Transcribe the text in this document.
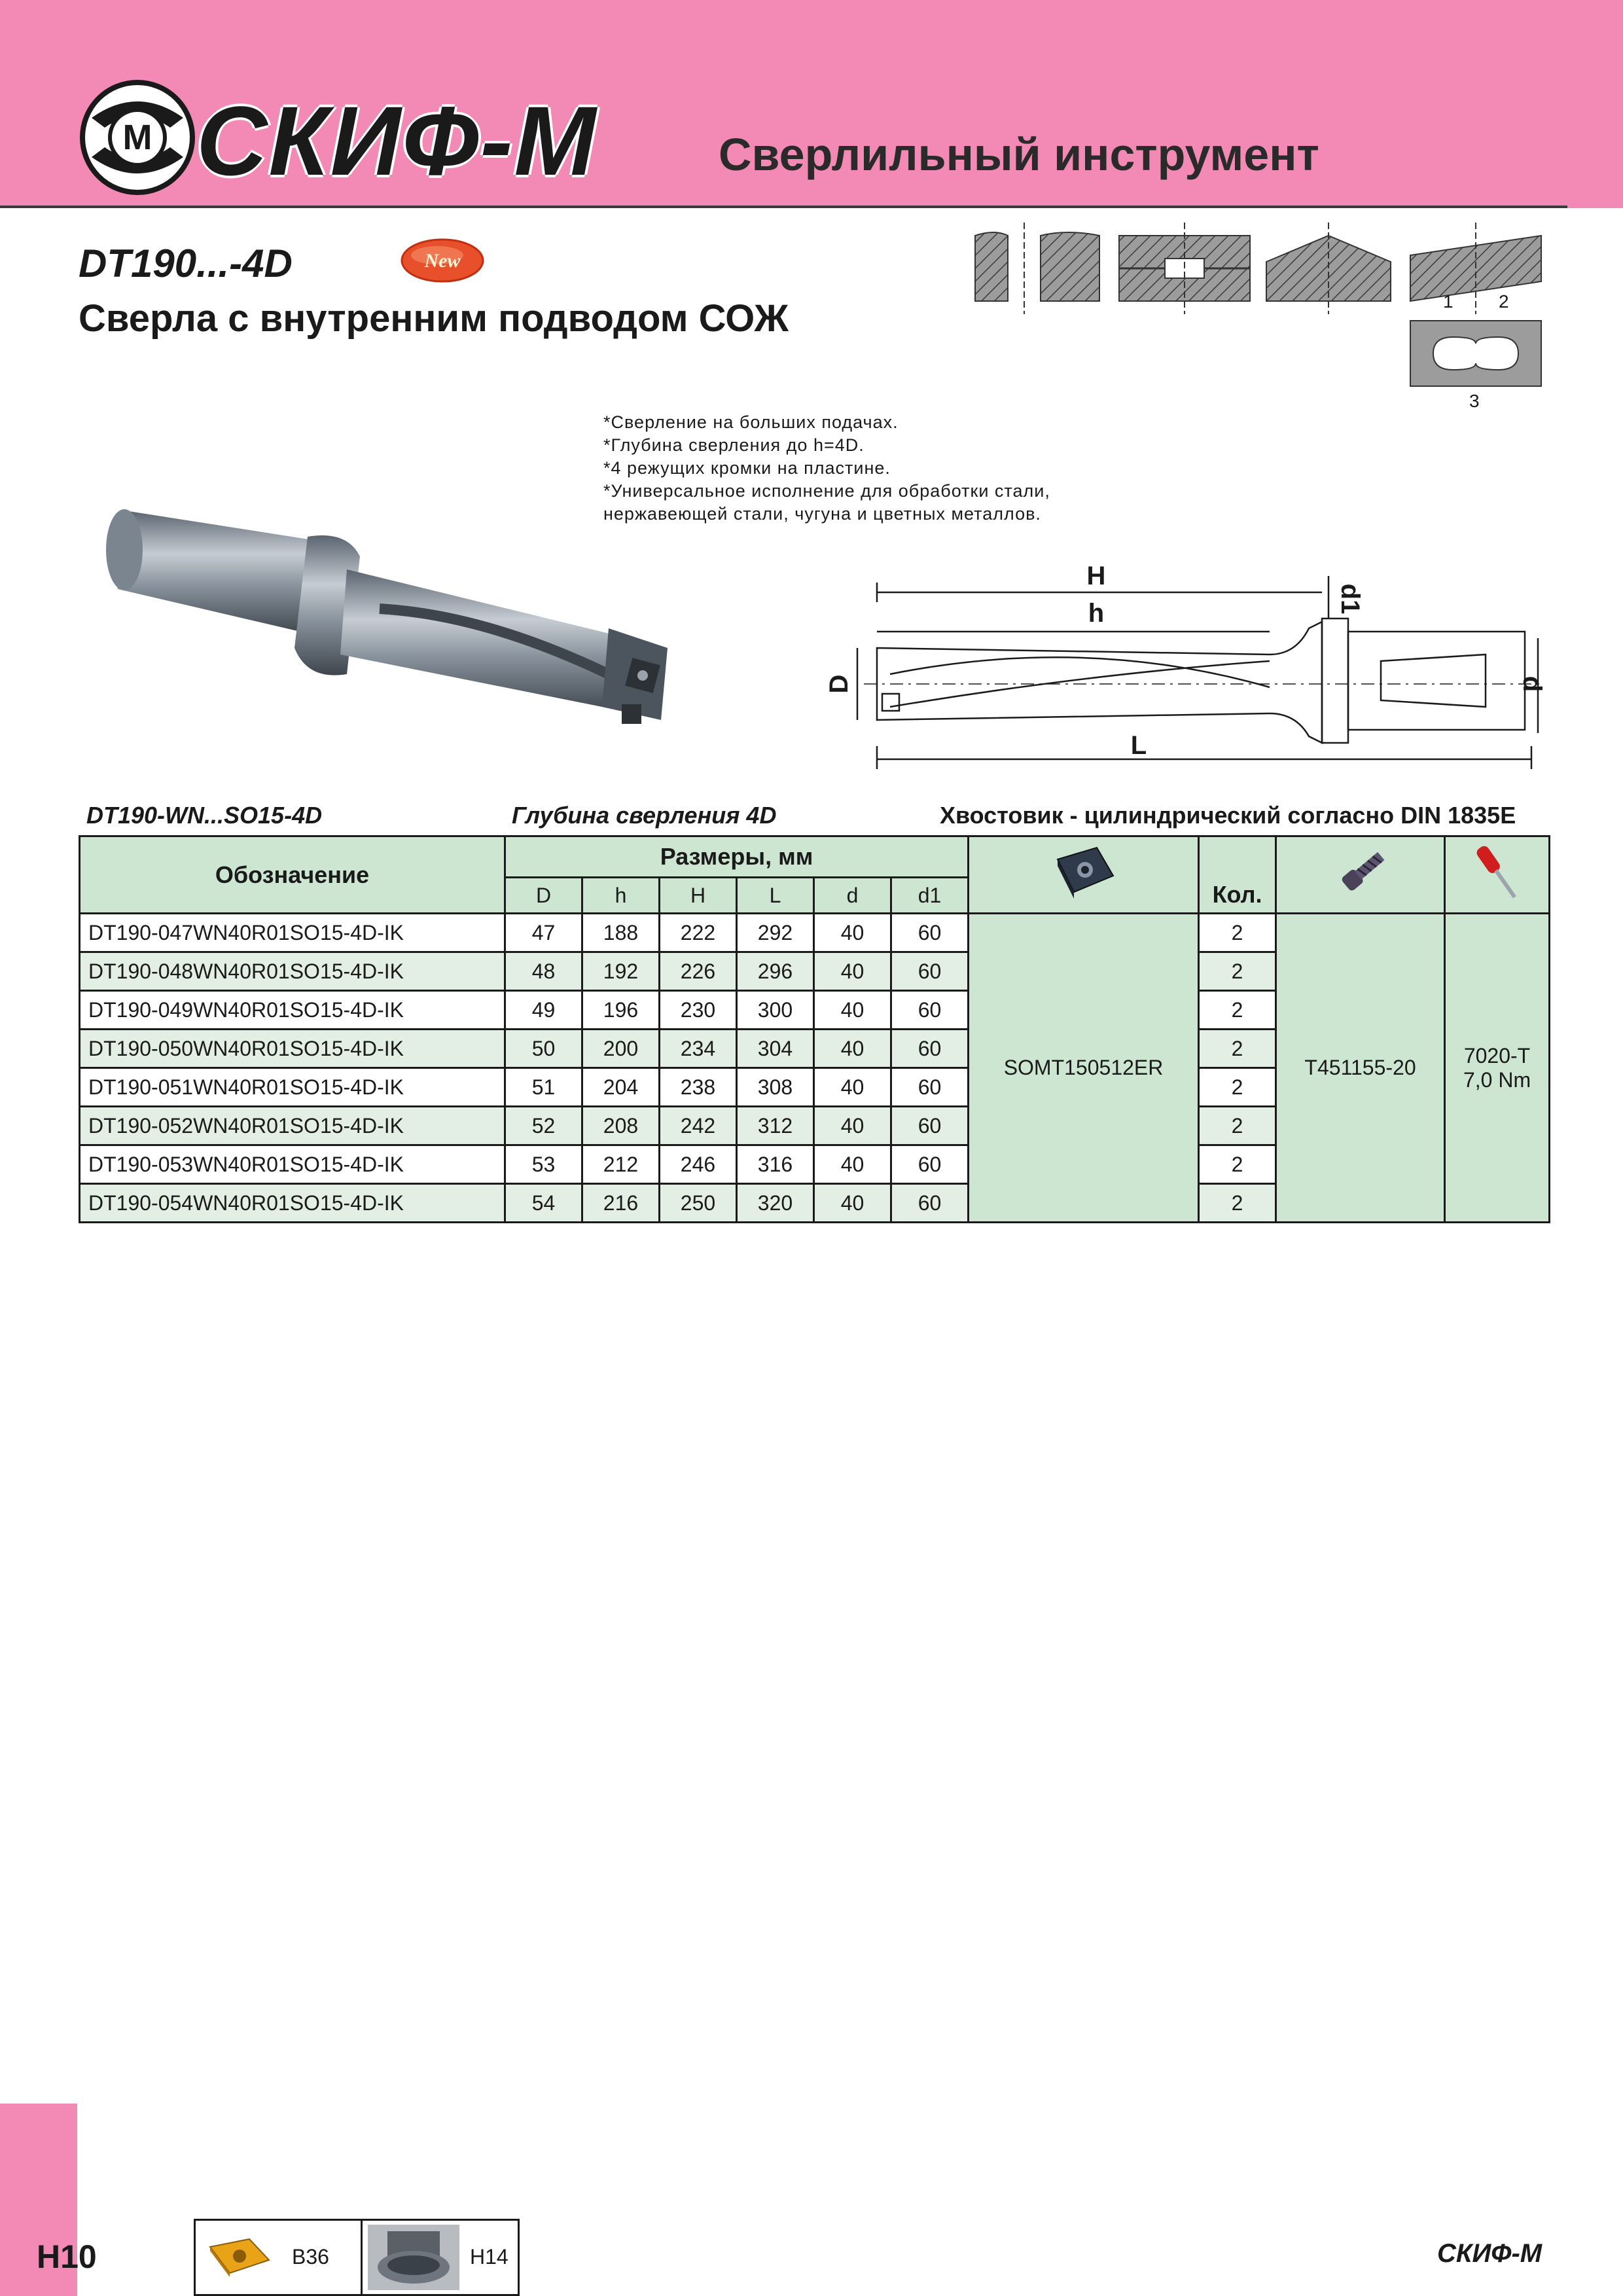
M СКИФ-М	Сверлильный инструмент
DT190...-4D	New
Сверла с внутренним подводом СОЖ	1 2
3
*Сверление на больших подачах.
*Глубина сверления до h=4D.
*4 режущих кромки на пластине.
*Универсальное исполнение для обработки стали,
нержавеющей стали, чугуна и цветных металлов.
H
h
L
D	d
d1
DT190-WN...SO15-4D	Глубина сверления 4D	Хвостовик - цилиндрический согласно DIN 1835E
Обозначение	Размеры, мм							Кол.		
	D	h	H	L	d	d1				
DT190-047WN40R01SO15-4D-IK	47	188	222	292	40	60	SOMT150512ER	2	T451155-20	7020-T
7,0 Nm

DT190-048WN40R01SO15-4D-IK	48	192	226	296	40	60		2		
DT190-049WN40R01SO15-4D-IK	49	196	230	300	40	60		2		
DT190-050WN40R01SO15-4D-IK	50	200	234	304	40	60		2		
DT190-051WN40R01SO15-4D-IK	51	204	238	308	40	60		2		
DT190-052WN40R01SO15-4D-IK	52	208	242	312	40	60		2		
DT190-053WN40R01SO15-4D-IK	53	212	246	316	40	60		2		
DT190-054WN40R01SO15-4D-IK	54	216	250	320	40	60		2		
H10	B36	H14	СКИФ-М
